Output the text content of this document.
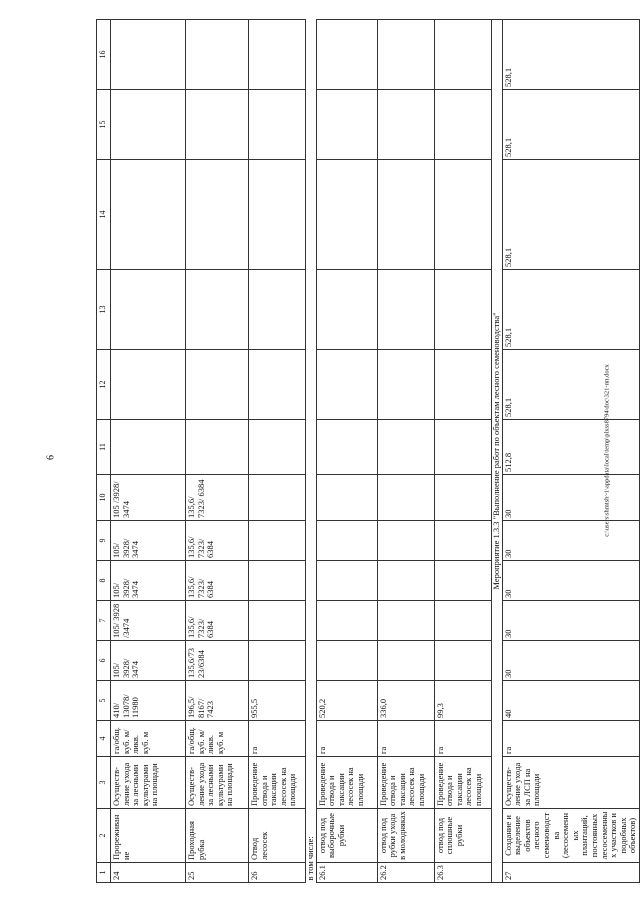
6	c:\users\shmtsh~1\appdata\local\temp\plxss8794\doc\321-пп.docx
1	2	3	4	5	6	7	8	9	10	11	12	13	14	15	16
24	Прореживание	Осуществ-ление ухода за лесными культурами на площади	га/общ. куб. м/ ликв. куб. м	410/ 13078/ 11980	105/ 3928/ 3474	105/ 3928 /3474	105/ 3928/ 3474	105/ 3928/ 3474	105 /3928/ 3474						
25	Проходная рубка	Осуществ-ление ухода за лесными культурами на площади	га/общ. куб. м/ ликв. куб. м	196,5/ 8167/ 7423	135,6/73 23/6384	135,6/ 7323/ 6384	135,6/ 7323/ 6384	135,6/ 7323/ 6384	135,6/ 7323/ 6384						
26	Отвод лесосек	Проведение отвода и таксации лесосек на площади	га	955,5											
в том числе:															
26.1	отвод под выборочные рубки	Проведение отвода и таксации лесосек на площади	га	520,2											
26.2	отвод под рубки ухода в молодняках	Проведение отвода и таксации лесосек на площади	га	336,0											
26.3	отвод под сплошные рубки	Проведение отвода и таксации лесосек на площади	га	99,3											
Мероприятие 1.3.3 "Выполнение работ по объектам лесного семеноводства"															
27	Создание и выделение объектов лесного семеноводства (лесосеменных плантаций, постоянных лесосеменных участков и подобных объектов)	Осуществ-ление ухода за ЛСП на площади	га	40	30	30	30	30	30	512,8	528,1	528,1	528,1	528,1	528,1
